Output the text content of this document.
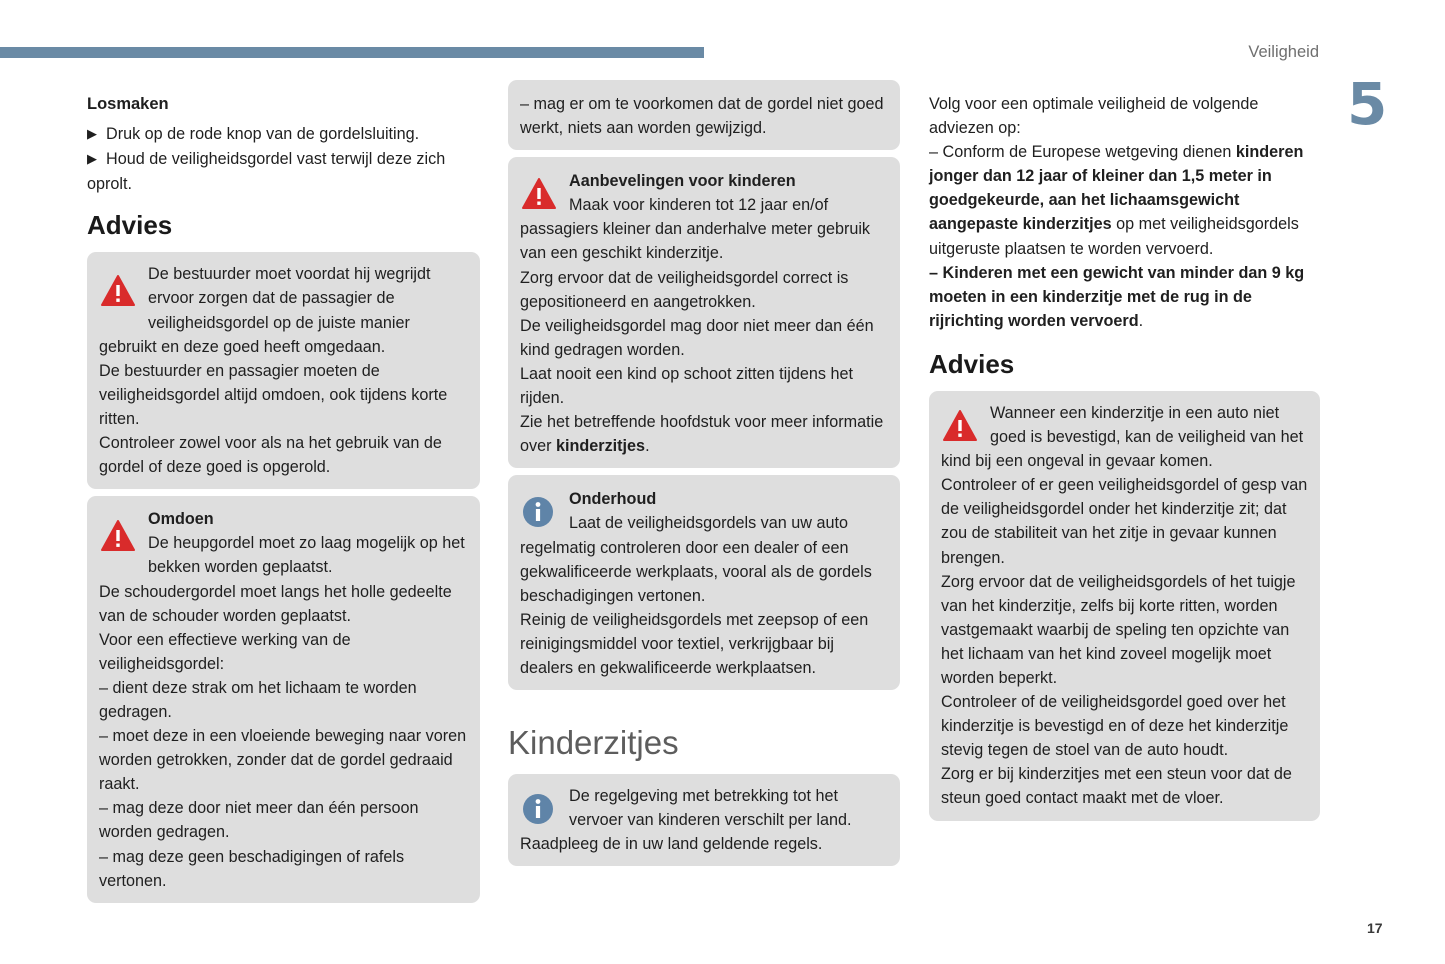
Veiligheid
5

Losmaken

▶ Druk op de rode knop van de gordelsluiting.

▶ Houd de veiligheidsgordel vast terwijl deze zich oprolt.

Advies

De bestuurder moet voordat hij wegrijdt ervoor zorgen dat de passagier de veiligheidsgordel op de juiste manier gebruikt en deze goed heeft omgedaan.

De bestuurder en passagier moeten de veiligheidsgordel altijd omdoen, ook tijdens korte ritten.

Controleer zowel voor als na het gebruik van de gordel of deze goed is opgerold.

Omdoen

De heupgordel moet zo laag mogelijk op het bekken worden geplaatst.

De schoudergordel moet langs het holle gedeelte van de schouder worden geplaatst.

Voor een effectieve werking van de veiligheidsgordel:

– dient deze strak om het lichaam te worden gedragen.

– moet deze in een vloeiende beweging naar voren worden getrokken, zonder dat de gordel gedraaid raakt.

– mag deze door niet meer dan één persoon worden gedragen.

– mag deze geen beschadigingen of rafels vertonen.

– mag er om te voorkomen dat de gordel niet goed werkt, niets aan worden gewijzigd.

Aanbevelingen voor kinderen

Maak voor kinderen tot 12 jaar en/of passagiers kleiner dan anderhalve meter gebruik van een geschikt kinderzitje.

Zorg ervoor dat de veiligheidsgordel correct is gepositioneerd en aangetrokken.

De veiligheidsgordel mag door niet meer dan één kind gedragen worden.

Laat nooit een kind op schoot zitten tijdens het rijden.

Zie het betreffende hoofdstuk voor meer informatie over kinderzitjes.

Onderhoud

Laat de veiligheidsgordels van uw auto regelmatig controleren door een dealer of een gekwalificeerde werkplaats, vooral als de gordels beschadigingen vertonen.

Reinig de veiligheidsgordels met zeepsop of een reinigingsmiddel voor textiel, verkrijgbaar bij dealers en gekwalificeerde werkplaatsen.

Kinderzitjes

De regelgeving met betrekking tot het vervoer van kinderen verschilt per land.

Raadpleeg de in uw land geldende regels.

Volg voor een optimale veiligheid de volgende adviezen op:

– Conform de Europese wetgeving dienen kinderen jonger dan 12 jaar of kleiner dan 1,5 meter in goedgekeurde, aan het lichaamsgewicht aangepaste kinderzitjes op met veiligheidsgordels uitgeruste plaatsen te worden vervoerd.

– Kinderen met een gewicht van minder dan 9 kg moeten in een kinderzitje met de rug in de rijrichting worden vervoerd.

Advies

Wanneer een kinderzitje in een auto niet goed is bevestigd, kan de veiligheid van het kind bij een ongeval in gevaar komen.

Controleer of er geen veiligheidsgordel of gesp van de veiligheidsgordel onder het kinderzitje zit; dat zou de stabiliteit van het zitje in gevaar kunnen brengen.

Zorg ervoor dat de veiligheidsgordels of het tuigje van het kinderzitje, zelfs bij korte ritten, worden vastgemaakt waarbij de speling ten opzichte van het lichaam van het kind zoveel mogelijk moet worden beperkt.

Controleer of de veiligheidsgordel goed over het kinderzitje is bevestigd en of deze het kinderzitje stevig tegen de stoel van de auto houdt.

Zorg er bij kinderzitjes met een steun voor dat de steun goed contact maakt met de vloer.

17
